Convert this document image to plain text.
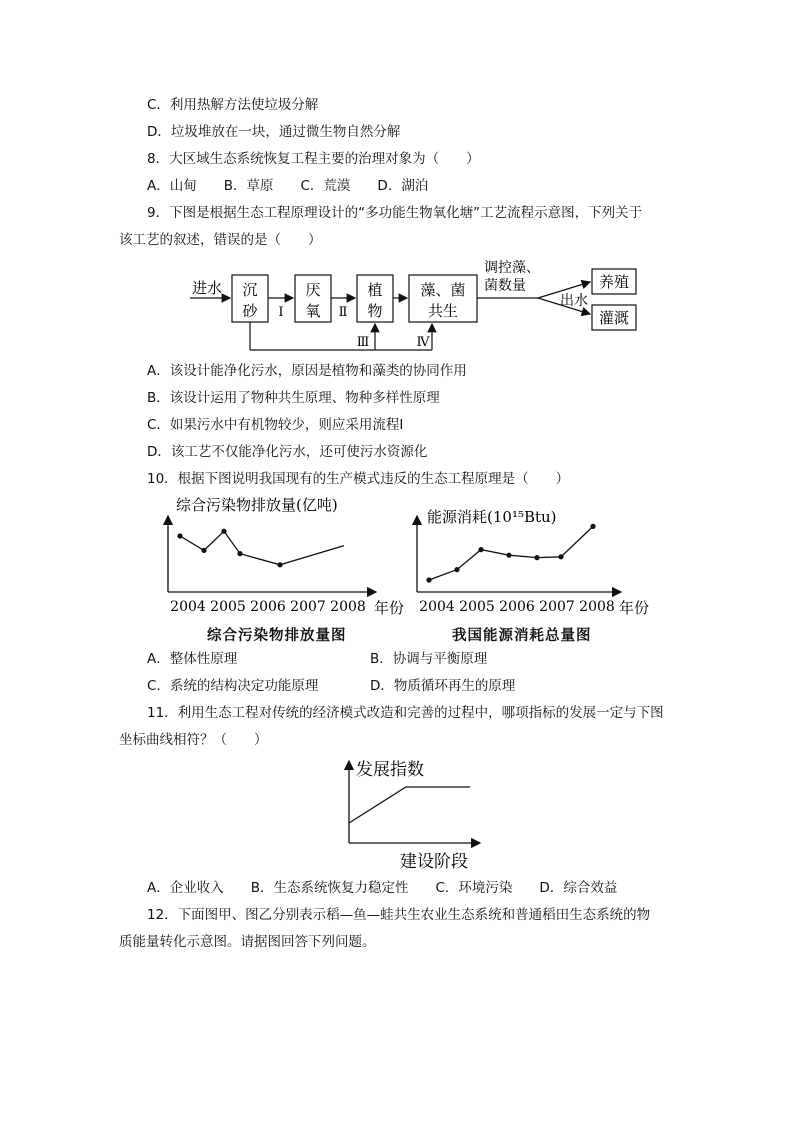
C．利用热解方法使垃圾分解
D．垃圾堆放在一块，通过微生物自然分解
8．大区域生态系统恢复工程主要的治理对象为（　　）
A．山甸　　B．草原　　C．荒漠　　D．湖泊
9．下图是根据生态工程原理设计的“多功能生物氧化塘”工艺流程示意图，下列关于
该工艺的叙述，错误的是（　　）
进水 沉
砂 Ⅰ
厌
氧 Ⅱ
植
物
藻、菌
共生
调控藻、
菌数量
出水
养殖
灌溉
Ⅲ	Ⅳ
A．该设计能净化污水，原因是植物和藻类的协同作用
B．该设计运用了物种共生原理、物种多样性原理
C．如果污水中有机物较少，则应采用流程Ⅰ
D．该工艺不仅能净化污水，还可使污水资源化
10．根据下图说明我国现有的生产模式违反的生态工程原理是（　　）
综合污染物排放量(亿吨)
年份
2004 2005 2006 2007 2008
综合污染物排放量图
能源消耗(10¹⁵Btu)
年份
2004 2005 2006 2007 2008
我国能源消耗总量图
A．整体性原理	B．协调与平衡原理
C．系统的结构决定功能原理	D．物质循环再生的原理
11．利用生态工程对传统的经济模式改造和完善的过程中，哪项指标的发展一定与下图
坐标曲线相符？（　　）
发展指数
建设阶段
A．企业收入　　B．生态系统恢复力稳定性　　C．环境污染　　D．综合效益
12．下面图甲、图乙分别表示稻—鱼—蛙共生农业生态系统和普通稻田生态系统的物
质能量转化示意图。请据图回答下列问题。
